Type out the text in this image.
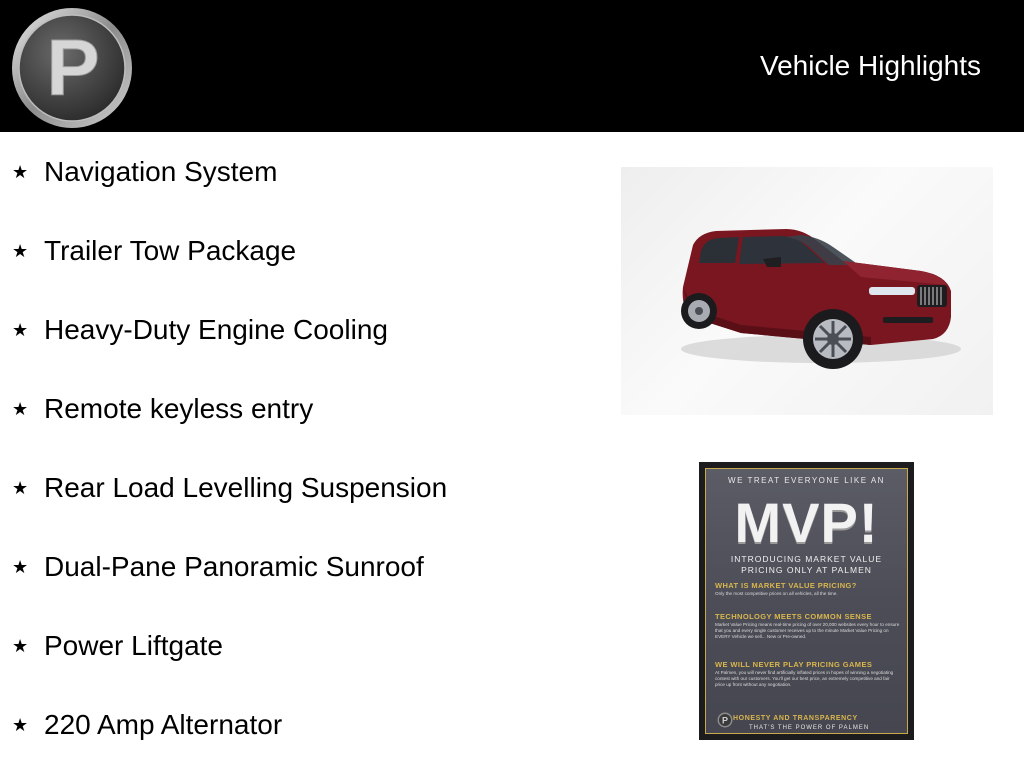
P	Vehicle Highlights
★ Navigation System
★ Trailer Tow Package
★ Heavy-Duty Engine Cooling
★ Remote keyless entry
★ Rear Load Levelling Suspension
★ Dual-Pane Panoramic Sunroof
★ Power Liftgate
★ 220 Amp Alternator
WE TREAT EVERYONE LIKE AN
MVP!
INTRODUCING MARKET VALUE
PRICING ONLY AT PALMEN
WHAT IS MARKET VALUE PRICING?
Only the most competitive prices on all vehicles, all the time.
TECHNOLOGY MEETS COMMON SENSE
Market Value Pricing means real-time pricing of over 20,000 websites every hour to ensure that you and every single customer receives up to the minute Market Value Pricing on EVERY Vehicle we sell... New or Pre-owned.
WE WILL NEVER PLAY PRICING GAMES
At Palmen, you will never find artificially inflated prices in hopes of winning a negotiating contest with our customers. You'll get our best price, an extremely competitive and fair price up front without any negotiation.
P HONESTY AND TRANSPARENCY
THAT'S THE POWER OF PALMEN
